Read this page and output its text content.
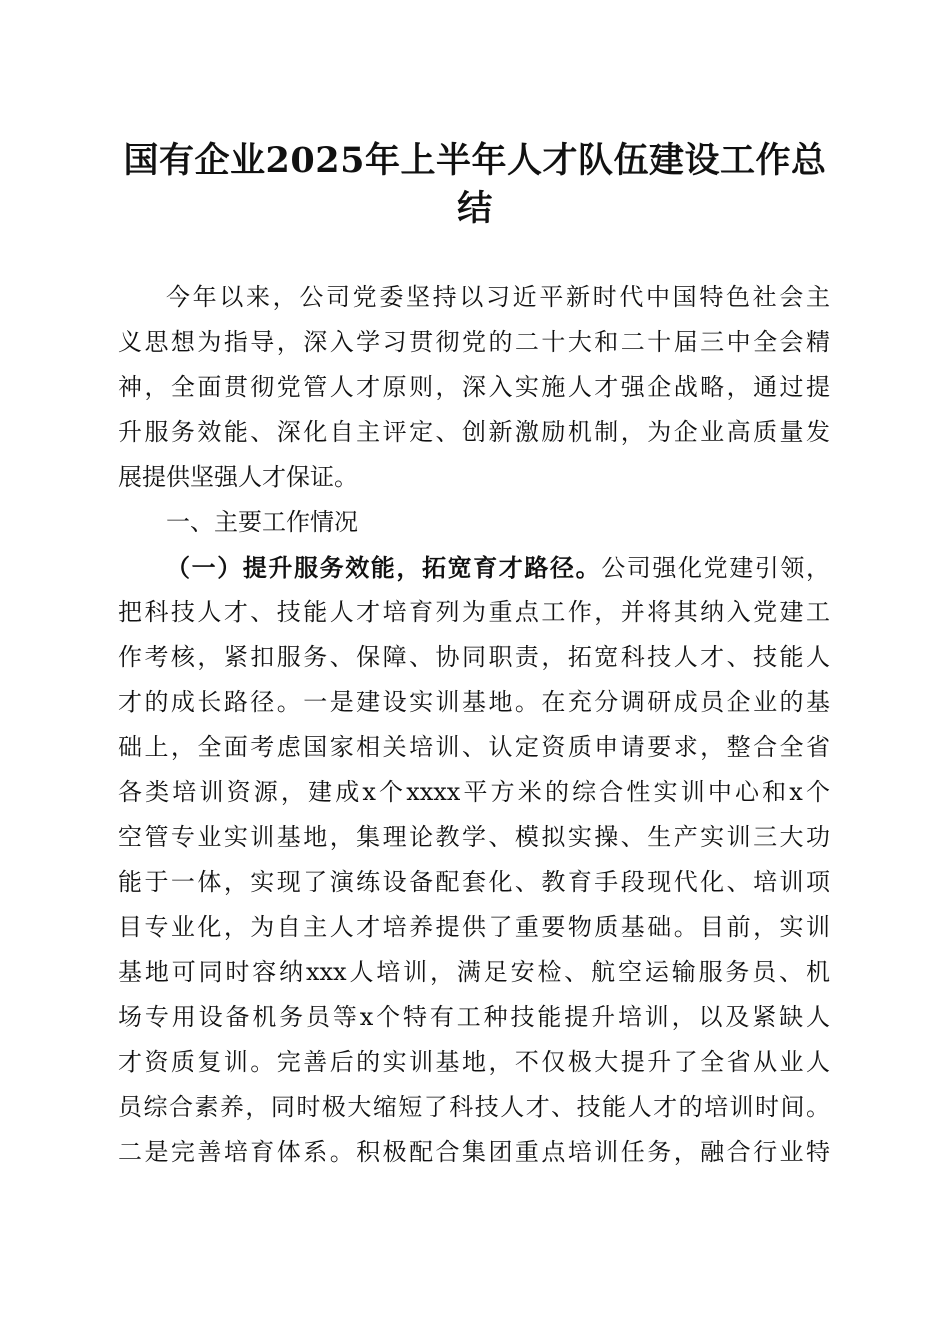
国有企业2025年上半年人才队伍建设工作总
结
今年以来，公司党委坚持以习近平新时代中国特色社会主
义思想为指导，深入学习贯彻党的二十大和二十届三中全会精
神，全面贯彻党管人才原则，深入实施人才强企战略，通过提
升服务效能、深化自主评定、创新激励机制，为企业高质量发
展提供坚强人才保证。
一、主要工作情况
（一）提升服务效能，拓宽育才路径。公司强化党建引领，
把科技人才、技能人才培育列为重点工作，并将其纳入党建工
作考核，紧扣服务、保障、协同职责，拓宽科技人才、技能人
才的成长路径。一是建设实训基地。在充分调研成员企业的基
础上，全面考虑国家相关培训、认定资质申请要求，整合全省
各类培训资源，建成x个xxxx平方米的综合性实训中心和x个
空管专业实训基地，集理论教学、模拟实操、生产实训三大功
能于一体，实现了演练设备配套化、教育手段现代化、培训项
目专业化，为自主人才培养提供了重要物质基础。目前，实训
基地可同时容纳xxx人培训，满足安检、航空运输服务员、机
场专用设备机务员等x个特有工种技能提升培训，以及紧缺人
才资质复训。完善后的实训基地，不仅极大提升了全省从业人
员综合素养，同时极大缩短了科技人才、技能人才的培训时间。
二是完善培育体系。积极配合集团重点培训任务，融合行业特
